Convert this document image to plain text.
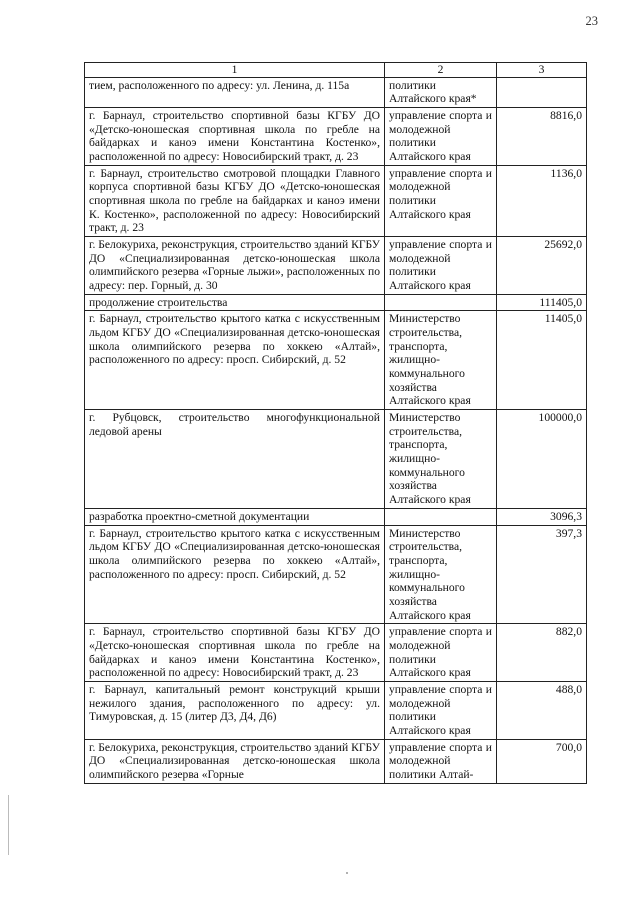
23
1	2	3
тием, расположенного по адресу: ул. Ленина, д. 115а	политики Алтайского края*	
г. Барнаул, строительство спортивной базы КГБУ ДО «Детско-юношеская спортивная школа по гребле на байдарках и каноэ имени Константина Костенко», расположенной по адресу: Новосибирский тракт, д. 23	управление спорта и молодежной политики Алтайского края	8816,0
г. Барнаул, строительство смотровой площадки Главного корпуса спортивной базы КГБУ ДО «Детско-юношеская спортивная школа по гребле на байдарках и каноэ имени К. Костенко», расположенной по адресу: Новосибирский тракт, д. 23	управление спорта и молодежной политики Алтайского края	1136,0
г. Белокуриха, реконструкция, строительство зданий КГБУ ДО «Специализированная детско-юношеская школа олимпийского резерва «Горные лыжи», расположенных по адресу: пер. Горный, д. 30	управление спорта и молодежной политики Алтайского края	25692,0
продолжение строительства		111405,0
г. Барнаул, строительство крытого катка с искусственным льдом КГБУ ДО «Специализированная детско-юношеская школа олимпийского резерва по хоккею «Алтай», расположенного по адресу: просп. Сибирский, д. 52	Министерство строительства, транспорта, жилищно-коммунального хозяйства Алтайского края	11405,0
г. Рубцовск, строительство многофункциональной ледовой арены	Министерство строительства, транспорта, жилищно-коммунального хозяйства Алтайского края	100000,0
разработка проектно-сметной документации		3096,3
г. Барнаул, строительство крытого катка с искусственным льдом КГБУ ДО «Специализированная детско-юношеская школа олимпийского резерва по хоккею «Алтай», расположенного по адресу: просп. Сибирский, д. 52	Министерство строительства, транспорта, жилищно-коммунального хозяйства Алтайского края	397,3
г. Барнаул, строительство спортивной базы КГБУ ДО «Детско-юношеская спортивная школа по гребле на байдарках и каноэ имени Константина Костенко», расположенной по адресу: Новосибирский тракт, д. 23	управление спорта и молодежной политики Алтайского края	882,0
г. Барнаул, капитальный ремонт конструкций крыши нежилого здания, расположенного по адресу: ул. Тимуровская, д. 15 (литер Д3, Д4, Д6)	управление спорта и молодежной политики Алтайского края	488,0
г. Белокуриха, реконструкция, строительство зданий КГБУ ДО «Специализированная детско-юношеская школа олимпийского резерва «Горные	управление спорта и молодежной политики Алтай-	700,0
